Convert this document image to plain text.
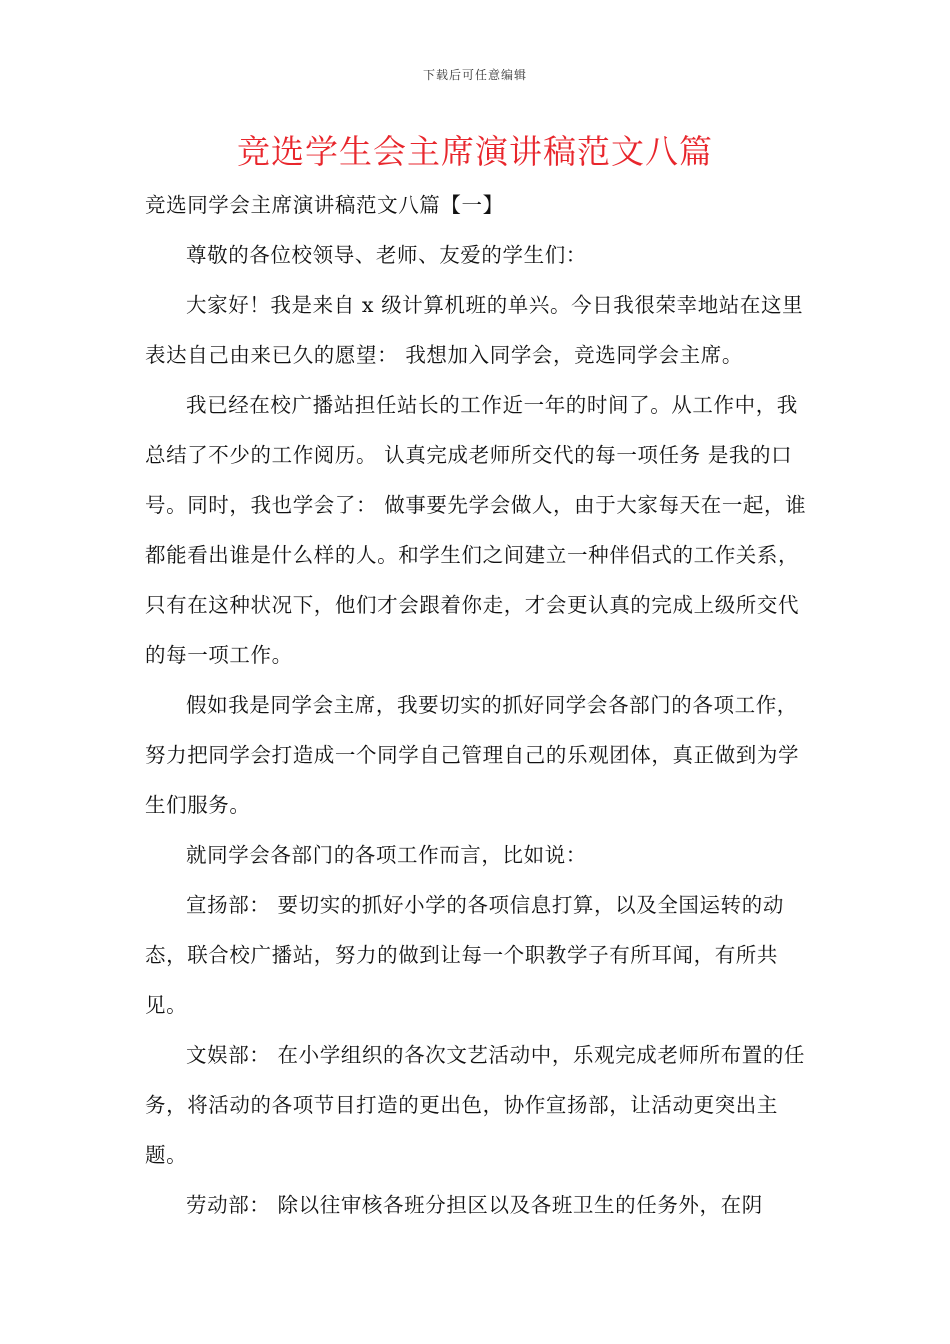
下载后可任意编辑
竞选学生会主席演讲稿范文八篇

竞选同学会主席演讲稿范文八篇【一】

尊敬的各位校领导、老师、友爱的学生们：

大家好！我是来自 x 级计算机班的单兴。今日我很荣幸地站在这里表达自己由来已久的愿望： 我想加入同学会，竞选同学会主席。

我已经在校广播站担任站长的工作近一年的时间了。从工作中，我总结了不少的工作阅历。 认真完成老师所交代的每一项任务 是我的口号。同时，我也学会了： 做事要先学会做人，由于大家每天在一起，谁都能看出谁是什么样的人。和学生们之间建立一种伴侣式的工作关系，只有在这种状况下，他们才会跟着你走，才会更认真的完成上级所交代的每一项工作。

假如我是同学会主席，我要切实的抓好同学会各部门的各项工作，努力把同学会打造成一个同学自己管理自己的乐观团体，真正做到为学生们服务。

就同学会各部门的各项工作而言，比如说：

宣扬部： 要切实的抓好小学的各项信息打算，以及全国运转的动态，联合校广播站，努力的做到让每一个职教学子有所耳闻，有所共见。

文娱部： 在小学组织的各次文艺活动中，乐观完成老师所布置的任务，将活动的各项节目打造的更出色，协作宣扬部，让活动更突出主题。

劳动部： 除以往审核各班分担区以及各班卫生的任务外，在阴
